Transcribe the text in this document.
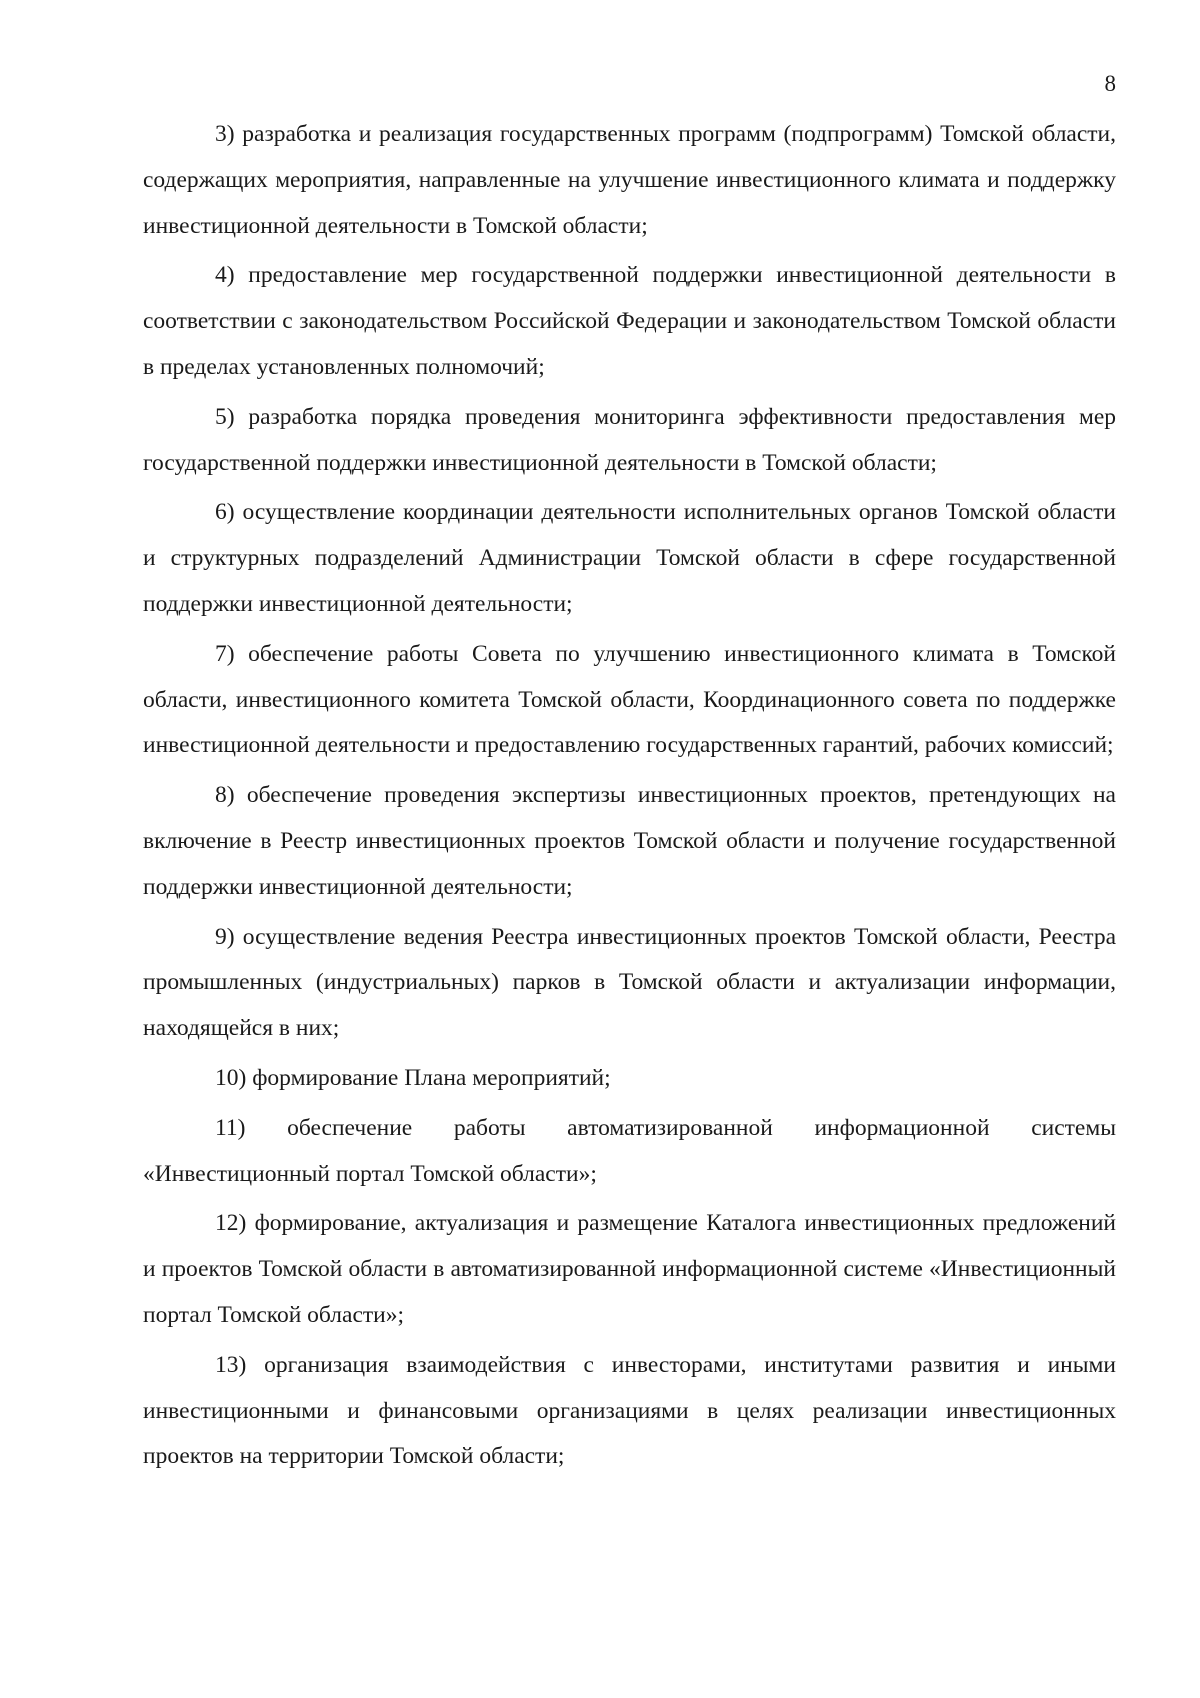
8

3) разработка и реализация государственных программ (подпрограмм) Томской области, содержащих мероприятия, направленные на улучшение инвестиционного климата и поддержку инвестиционной деятельности в Томской области;

4) предоставление мер государственной поддержки инвестиционной деятельности в соответствии с законодательством Российской Федерации и законодательством Томской области в пределах установленных полномочий;

5) разработка порядка проведения мониторинга эффективности предоставления мер государственной поддержки инвестиционной деятельности в Томской области;

6) осуществление координации деятельности исполнительных органов Томской области и структурных подразделений Администрации Томской области в сфере государственной поддержки инвестиционной деятельности;

7) обеспечение работы Совета по улучшению инвестиционного климата в Томской области, инвестиционного комитета Томской области, Координационного совета по поддержке инвестиционной деятельности и предоставлению государственных гарантий, рабочих комиссий;

8) обеспечение проведения экспертизы инвестиционных проектов, претендующих на включение в Реестр инвестиционных проектов Томской области и получение государственной поддержки инвестиционной деятельности;

9) осуществление ведения Реестра инвестиционных проектов Томской области, Реестра промышленных (индустриальных) парков в Томской области и актуализации информации, находящейся в них;

10) формирование Плана мероприятий;

11) обеспечение работы автоматизированной информационной системы «Инвестиционный портал Томской области»;

12) формирование, актуализация и размещение Каталога инвестиционных предложений и проектов Томской области в автоматизированной информационной системе «Инвестиционный портал Томской области»;

13) организация взаимодействия с инвесторами, институтами развития и иными инвестиционными и финансовыми организациями в целях реализации инвестиционных проектов на территории Томской области;
